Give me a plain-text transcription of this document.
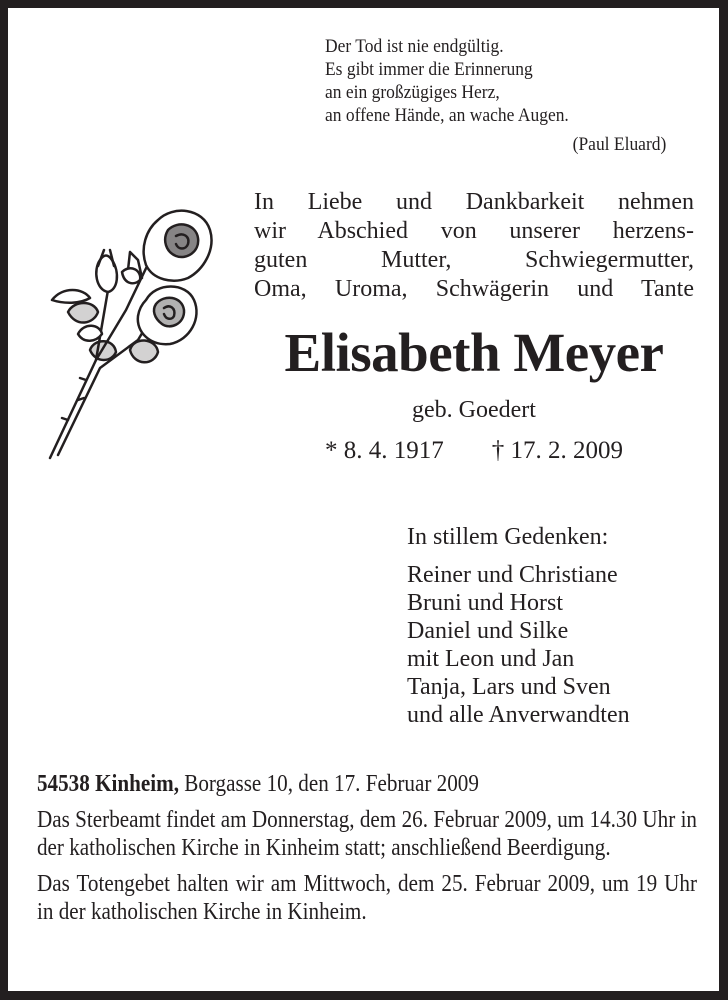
Der Tod ist nie endgültig.
Es gibt immer die Erinnerung
an ein großzügiges Herz,
an offene Hände, an wache Augen.
(Paul Eluard)
In Liebe und Dankbarkeit nehmen
wir Abschied von unserer herzens-
guten Mutter, Schwiegermutter,
Oma, Uroma, Schwägerin und Tante
Elisabeth Meyer
geb. Goedert
* 8. 4. 1917 † 17. 2. 2009
In stillem Gedenken:
Reiner und Christiane
Bruni und Horst
Daniel und Silke
mit Leon und Jan
Tanja, Lars und Sven
und alle Anverwandten
54538 Kinheim, Borgasse 10, den 17. Februar 2009
Das Sterbeamt findet am Donnerstag, dem 26. Februar 2009, um 14.30 Uhr in der katholischen Kirche in Kinheim statt; anschließend Beerdigung.
Das Totengebet halten wir am Mittwoch, dem 25. Februar 2009, um 19 Uhr in der katholischen Kirche in Kinheim.
